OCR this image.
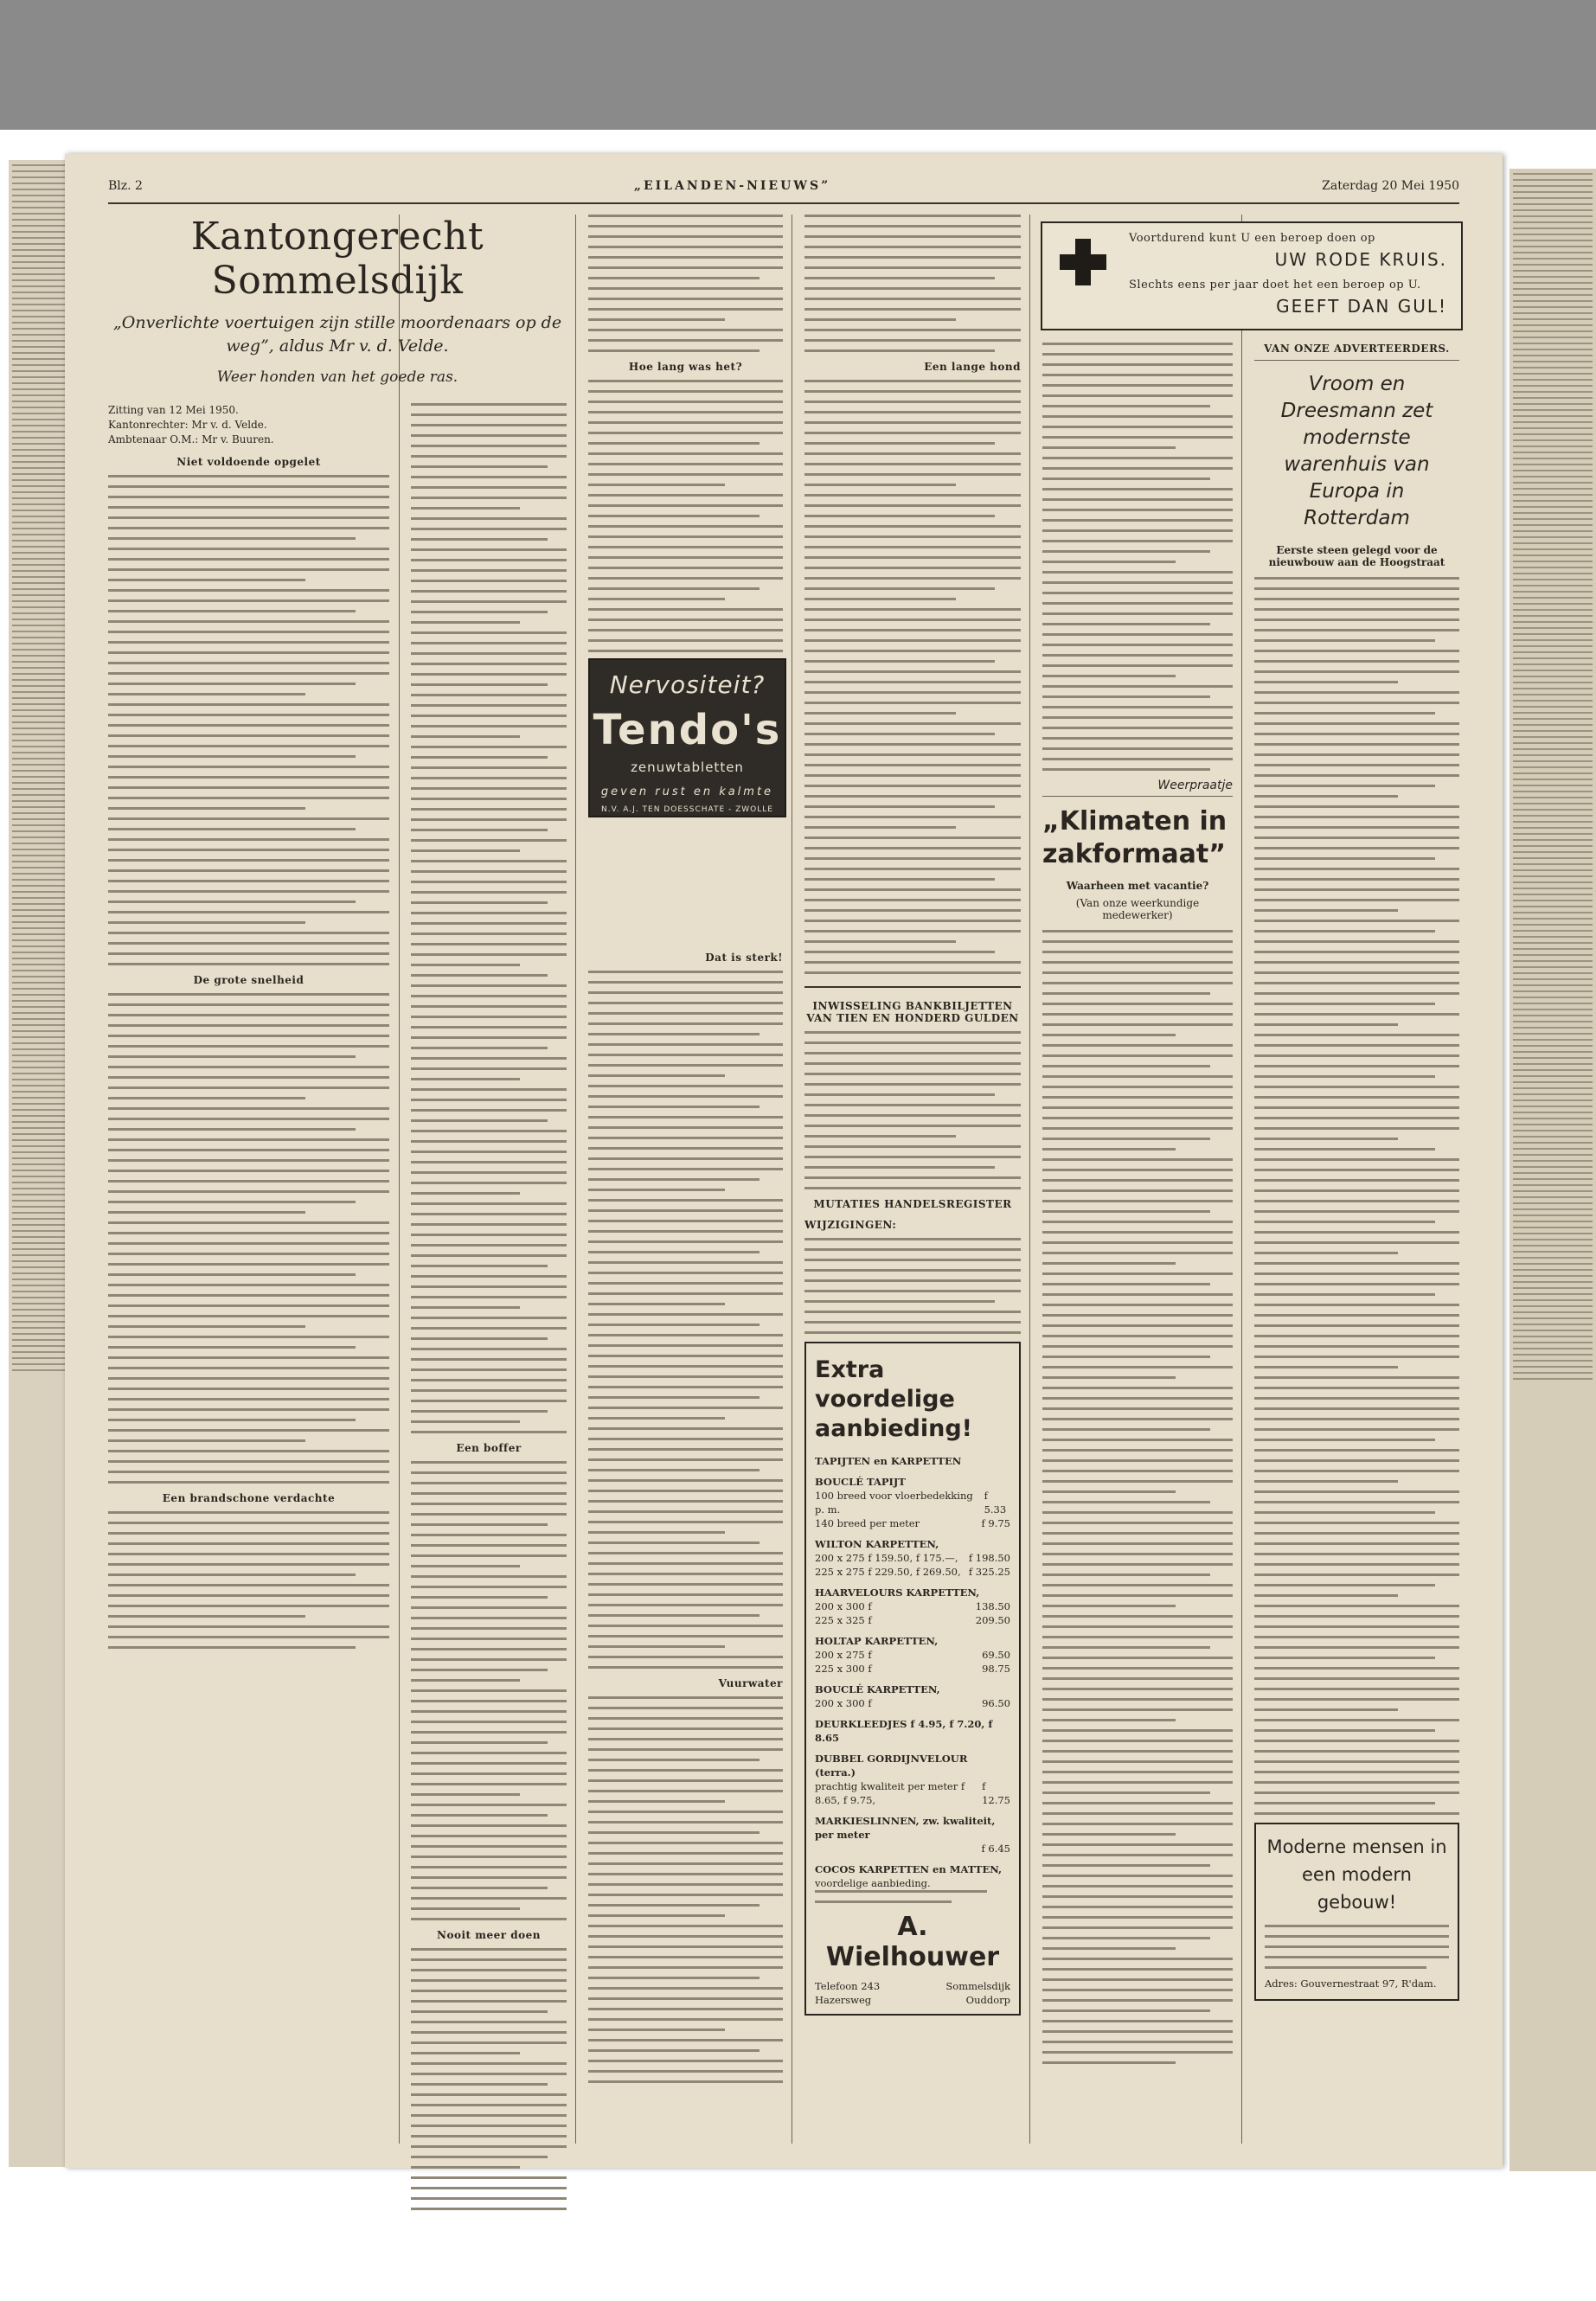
Blz. 2	„EILANDEN-NIEUWS”	Zaterdag 20 Mei 1950
Kantongerecht Sommelsdijk
„Onverlichte voertuigen zijn stille moordenaars op de weg”, aldus Mr v. d. Velde.
Weer honden van het goede ras.
Zitting van 12 Mei 1950.
Kantonrechter: Mr v. d. Velde.
Ambtenaar O.M.: Mr v. Buuren.
Niet voldoende opgelet
De grote snelheid
Een brandschone verdachte
Een boffer
Nooit meer doen
Hoe lang was het?
Dat is sterk!
Vuurwater
Nervositeit?
Tendo's
zenuwtabletten
geven rust en kalmte
N.V. A.J. TEN DOESSCHATE - ZWOLLE
Een lange hond
INWISSELING BANKBILJETTEN VAN TIEN EN HONDERD GULDEN
MUTATIES HANDELSREGISTER
WIJZIGINGEN:
Extra voordelige aanbieding!
TAPIJTEN en KARPETTEN
BOUCLÉ TAPIJT
100 breed voor vloerbedekking p. m.
f 5.33
140 breed per meter	f 9.75
WILTON KARPETTEN,
200 x 275 f 159.50, f 175.—, f 198.50
225 x 275 f 229.50, f 269.50, f 325.25
HAARVELOURS KARPETTEN,
200 x 300 f	138.50
225 x 325 f	209.50
HOLTAP KARPETTEN,
200 x 275 f	69.50
225 x 300 f	98.75
BOUCLÉ KARPETTEN,
200 x 300 f	96.50
DEURKLEEDJES f 4.95, f 7.20, f 8.65
DUBBEL GORDIJNVELOUR (terra.)
prachtig kwaliteit per meter f 8.65, f 9.75,
f 12.75
MARKIESLINNEN, zw. kwaliteit, per meter
f 6.45
COCOS KARPETTEN en MATTEN,
voordelige aanbieding.
A. Wielhouwer
Telefoon 243	Sommelsdijk
Hazersweg	Ouddorp
Voortdurend kunt U een beroep doen op
UW RODE KRUIS.
Slechts eens per jaar doet het een beroep op U.
GEEFT DAN GUL!
Weerpraatje
„Klimaten in zakformaat”
Waarheen met vacantie?
(Van onze weerkundige medewerker)
VAN ONZE ADVERTEERDERS.
Vroom en Dreesmann zet modernste warenhuis van Europa in Rotterdam
Eerste steen gelegd voor de nieuwbouw aan de Hoogstraat
Moderne mensen in een modern gebouw!
Adres: Gouvernestraat 97, R'dam.
